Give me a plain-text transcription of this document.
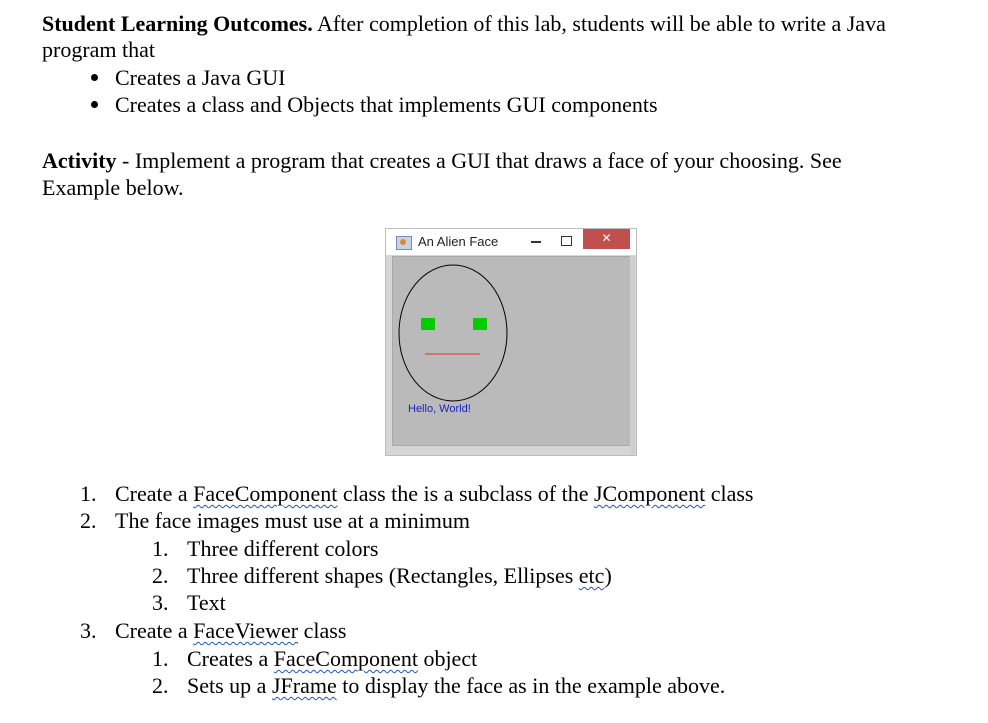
Student Learning Outcomes. After completion of this lab, students will be able to write a Java
program that
Creates a Java GUI
Creates a class and Objects that implements GUI components
Activity - Implement a program that creates a GUI that draws a face of your choosing. See
Example below.
An Alien Face	✕
Hello, World!
1. Create a FaceComponent class the is a subclass of the JComponent class
2. The face images must use at a minimum
1. Three different colors
2. Three different shapes (Rectangles, Ellipses etc)
3. Text
3. Create a FaceViewer class
1. Creates a FaceComponent object
2. Sets up a JFrame to display the face as in the example above.
